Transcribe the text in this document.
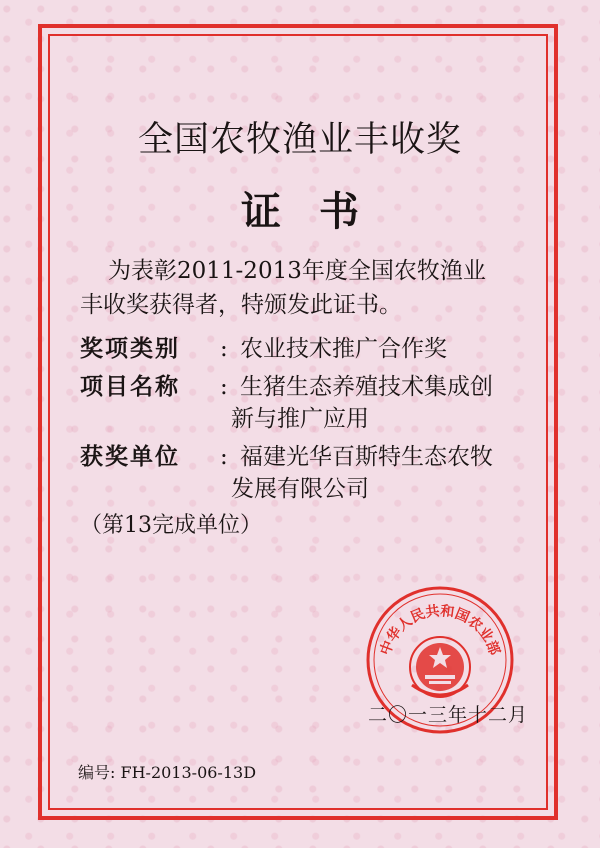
全国农牧渔业丰收奖
证书
为表彰2011-2013年度全国农牧渔业
丰收奖获得者，特颁发此证书。
奖项类别 : 农业技术推广合作奖
项目名称 : 生猪生态养殖技术集成创
新与推广应用
获奖单位 : 福建光华百斯特生态农牧
发展有限公司
（第13完成单位）
中华人民共和国农业部
二〇一三年十二月
编号: FH-2013-06-13D
